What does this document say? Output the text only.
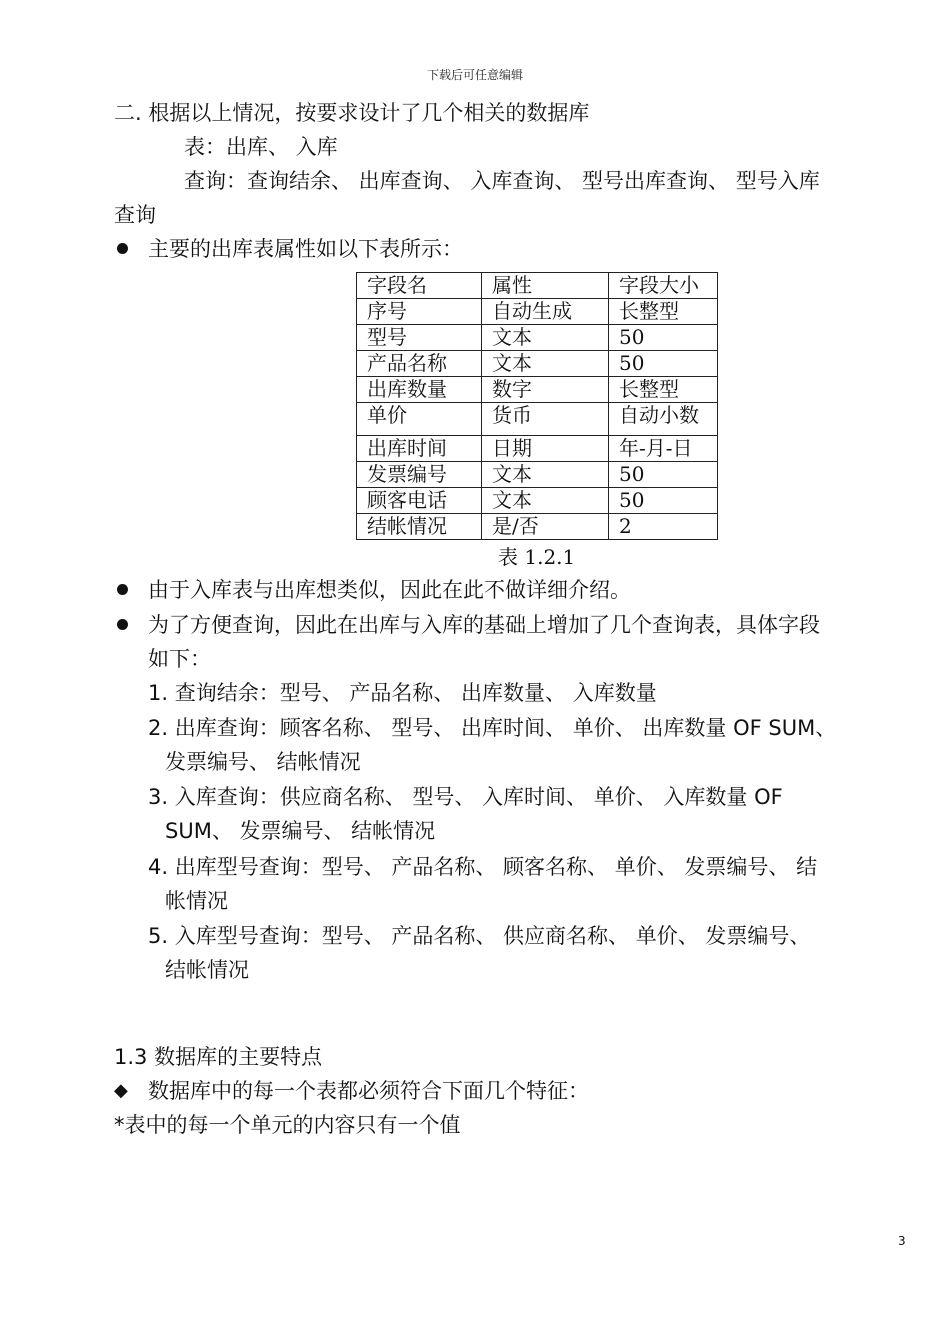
下载后可任意编辑
二. 根据以上情况，按要求设计了几个相关的数据库
表：出库、 入库
查询：查询结余、 出库查询、 入库查询、 型号出库查询、 型号入库
查询
主要的出库表属性如以下表所示：
字段名	属性	字段大小
序号	自动生成	长整型
型号	文本	50
产品名称	文本	50
出库数量	数字	长整型
单价	货币	自动小数
出库时间	日期	年-月-日
发票编号	文本	50
顾客电话	文本	50
结帐情况	是/否	2
表 1.2.1
由于入库表与出库想类似，因此在此不做详细介绍。
为了方便查询，因此在出库与入库的基础上增加了几个查询表，具体字段
如下：
1. 查询结余：型号、 产品名称、 出库数量、 入库数量
2. 出库查询：顾客名称、 型号、 出库时间、 单价、 出库数量 OF SUM、
发票编号、 结帐情况
3. 入库查询：供应商名称、 型号、 入库时间、 单价、 入库数量 OF
SUM、 发票编号、 结帐情况
4. 出库型号查询：型号、 产品名称、 顾客名称、 单价、 发票编号、 结
帐情况
5. 入库型号查询：型号、 产品名称、 供应商名称、 单价、 发票编号、
结帐情况
1.3 数据库的主要特点
◆ 数据库中的每一个表都必须符合下面几个特征：
*表中的每一个单元的内容只有一个值
3
